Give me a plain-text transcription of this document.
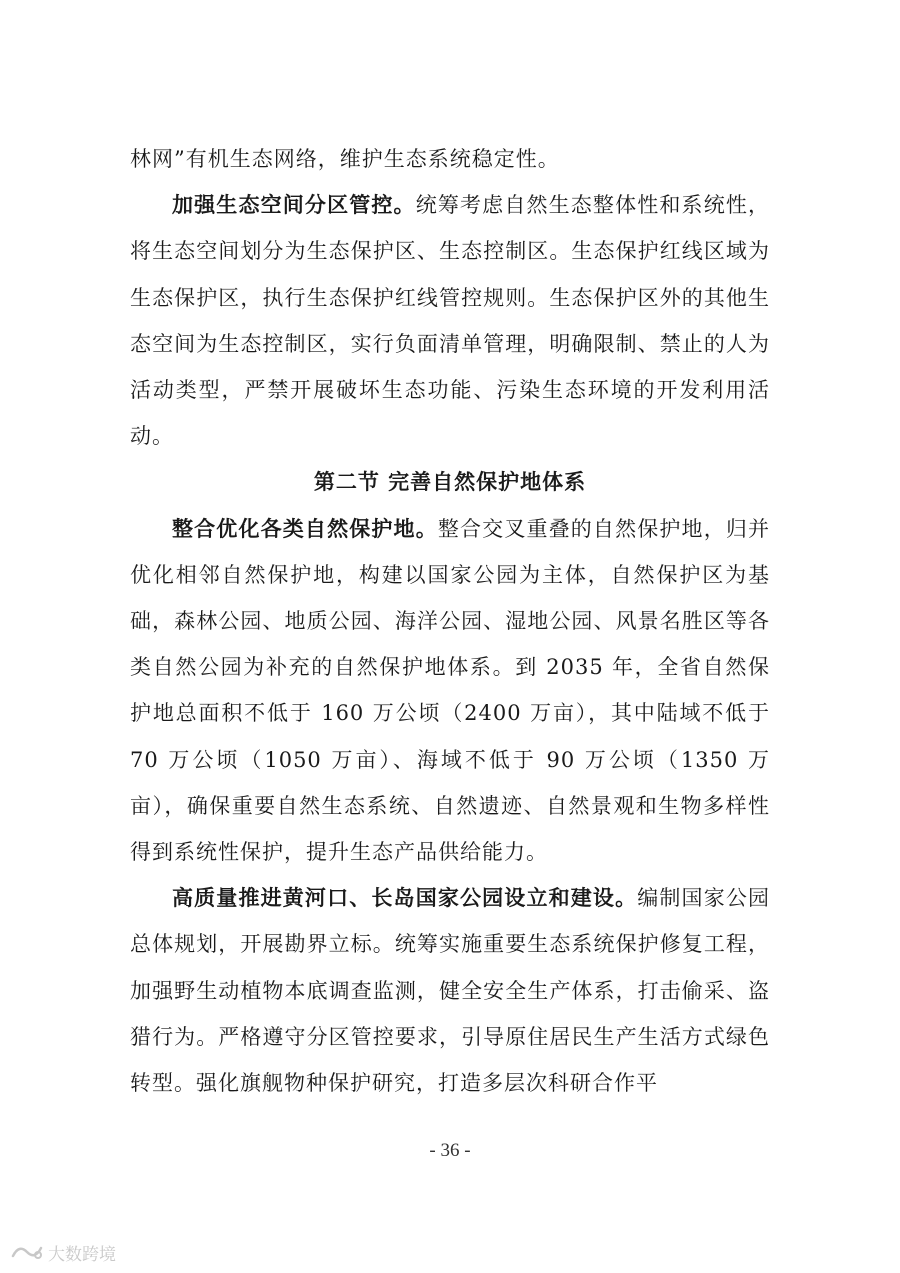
林网”有机生态网络，维护生态系统稳定性。

加强生态空间分区管控。统筹考虑自然生态整体性和系统性，将生态空间划分为生态保护区、生态控制区。生态保护红线区域为生态保护区，执行生态保护红线管控规则。生态保护区外的其他生态空间为生态控制区，实行负面清单管理，明确限制、禁止的人为活动类型，严禁开展破坏生态功能、污染生态环境的开发利用活动。

第二节 完善自然保护地体系

整合优化各类自然保护地。整合交叉重叠的自然保护地，归并优化相邻自然保护地，构建以国家公园为主体，自然保护区为基础，森林公园、地质公园、海洋公园、湿地公园、风景名胜区等各类自然公园为补充的自然保护地体系。到 2035 年，全省自然保护地总面积不低于 160 万公顷（2400 万亩），其中陆域不低于 70 万公顷（1050 万亩）、海域不低于 90 万公顷（1350 万亩），确保重要自然生态系统、自然遗迹、自然景观和生物多样性得到系统性保护，提升生态产品供给能力。

高质量推进黄河口、长岛国家公园设立和建设。编制国家公园总体规划，开展勘界立标。统筹实施重要生态系统保护修复工程，加强野生动植物本底调查监测，健全安全生产体系，打击偷采、盗猎行为。严格遵守分区管控要求，引导原住居民生产生活方式绿色转型。强化旗舰物种保护研究，打造多层次科研合作平

- 36 -
大数跨境
